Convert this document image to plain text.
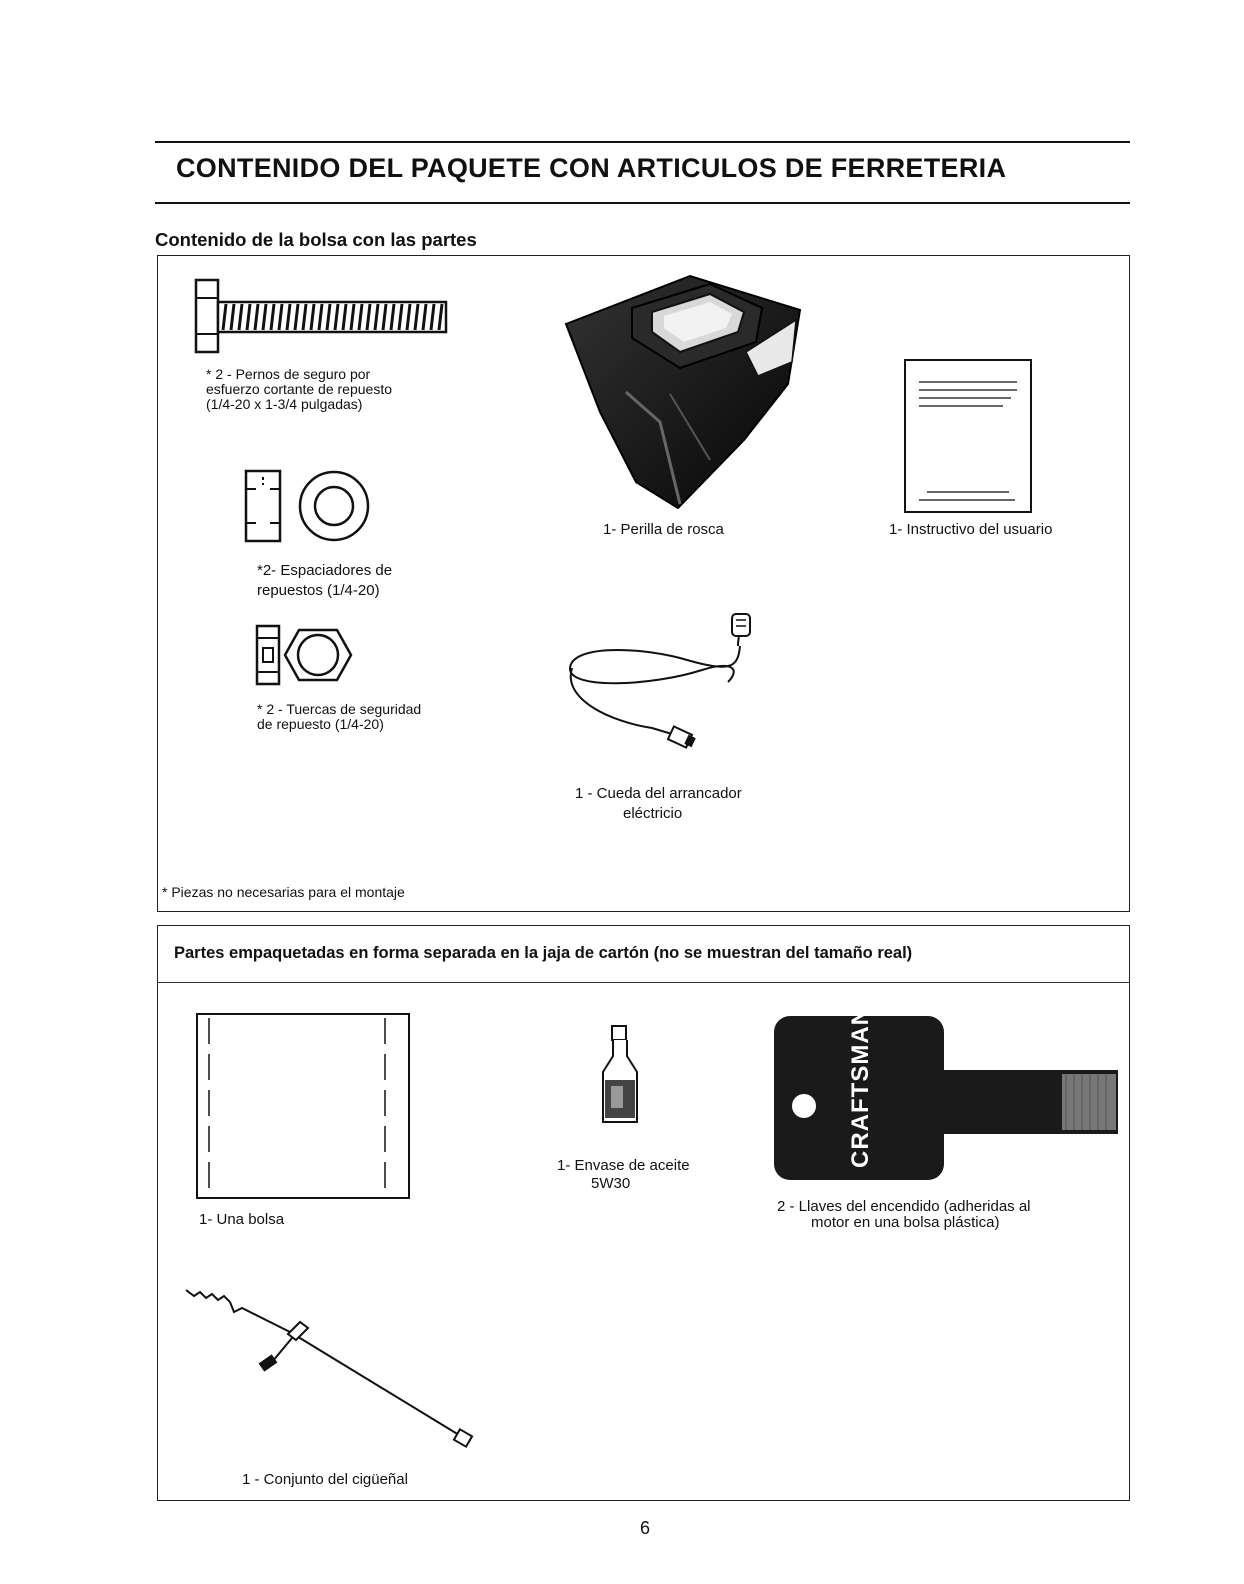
CONTENIDO DEL PAQUETE CON ARTICULOS DE FERRETERIA
Contenido de la bolsa con las partes
* 2 - Pernos de seguro por
esfuerzo cortante de repuesto
(1/4-20 x 1-3/4 pulgadas)
*2- Espaciadores de
repuestos (1/4-20)
* 2 - Tuercas de seguridad
de repuesto (1/4-20)
1- Perilla de rosca	1- Instructivo del usuario
1 - Cueda del arrancador
eléctricio
* Piezas no necesarias para el montaje
Partes empaquetadas en forma separada en la jaja de cartón (no se muestran del tamaño real)
1- Una bolsa
1- Envase de aceite
5W30
CRAFTSMAN
2 - Llaves del encendido (adheridas al
motor en una bolsa plástica)
1 - Conjunto del cigüeñal
6
